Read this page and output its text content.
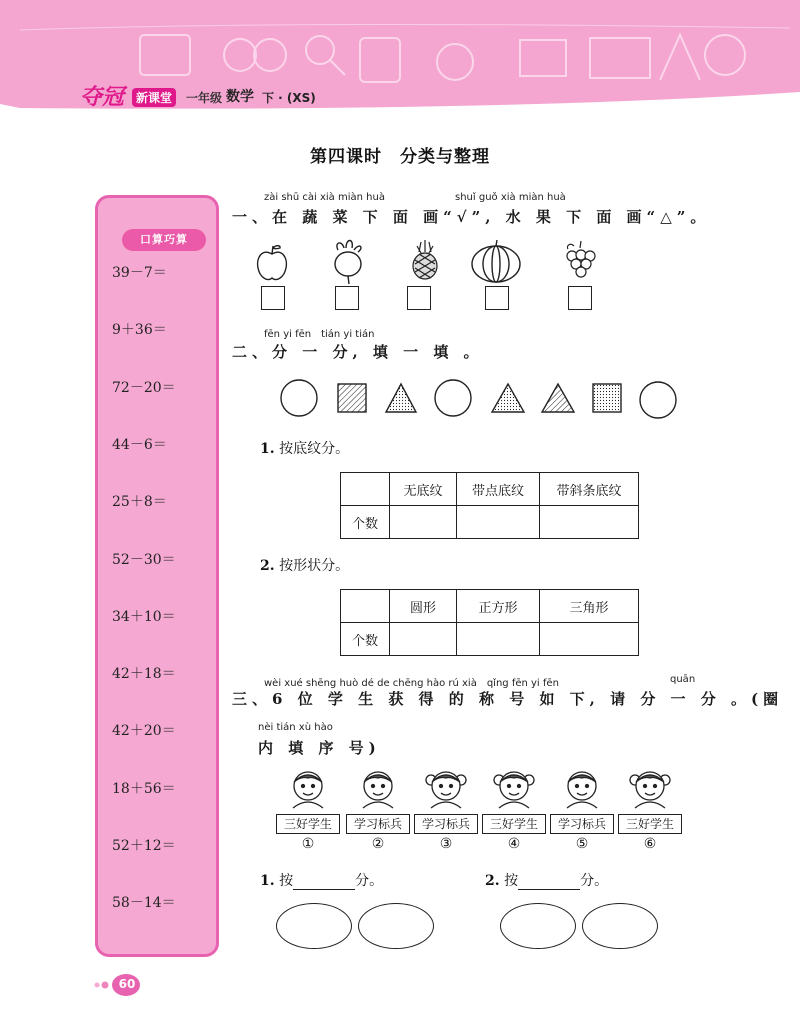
夺冠 新课堂	一年级 数学 下 · (XS)
第四课时　分类与整理
口算巧算
39－7＝
9＋36＝
72－20＝
44－6＝
25＋8＝
52－30＝
34＋10＝
42＋18＝
42＋20＝
18＋56＝
52＋12＝
58－14＝
zài shū cài xià miàn huà	shuǐ guǒ xià miàn huà
一、在 蔬 菜 下 面 画“√”, 水 果 下 面 画“△”。
fēn yi fēn　tián yi tián
二、分 一 分, 填 一 填 。
1. 按底纹分。
	无底纹	带点底纹	带斜条底纹
个数			
2. 按形状分。
	圆形	正方形	三角形
个数			
wèi xué shēng huò dé de chēng hào rú xià　qǐng fēn yi fēn	quān
三、6 位 学 生 获 得 的 称 号 如 下, 请 分 一 分 。(圈
nèi tián xù hào
内 填 序 号)
三好学生
①
学习标兵
②
学习标兵
③
三好学生
④
学习标兵
⑤
三好学生
⑥
1. 按	分。	2. 按	分。
60
